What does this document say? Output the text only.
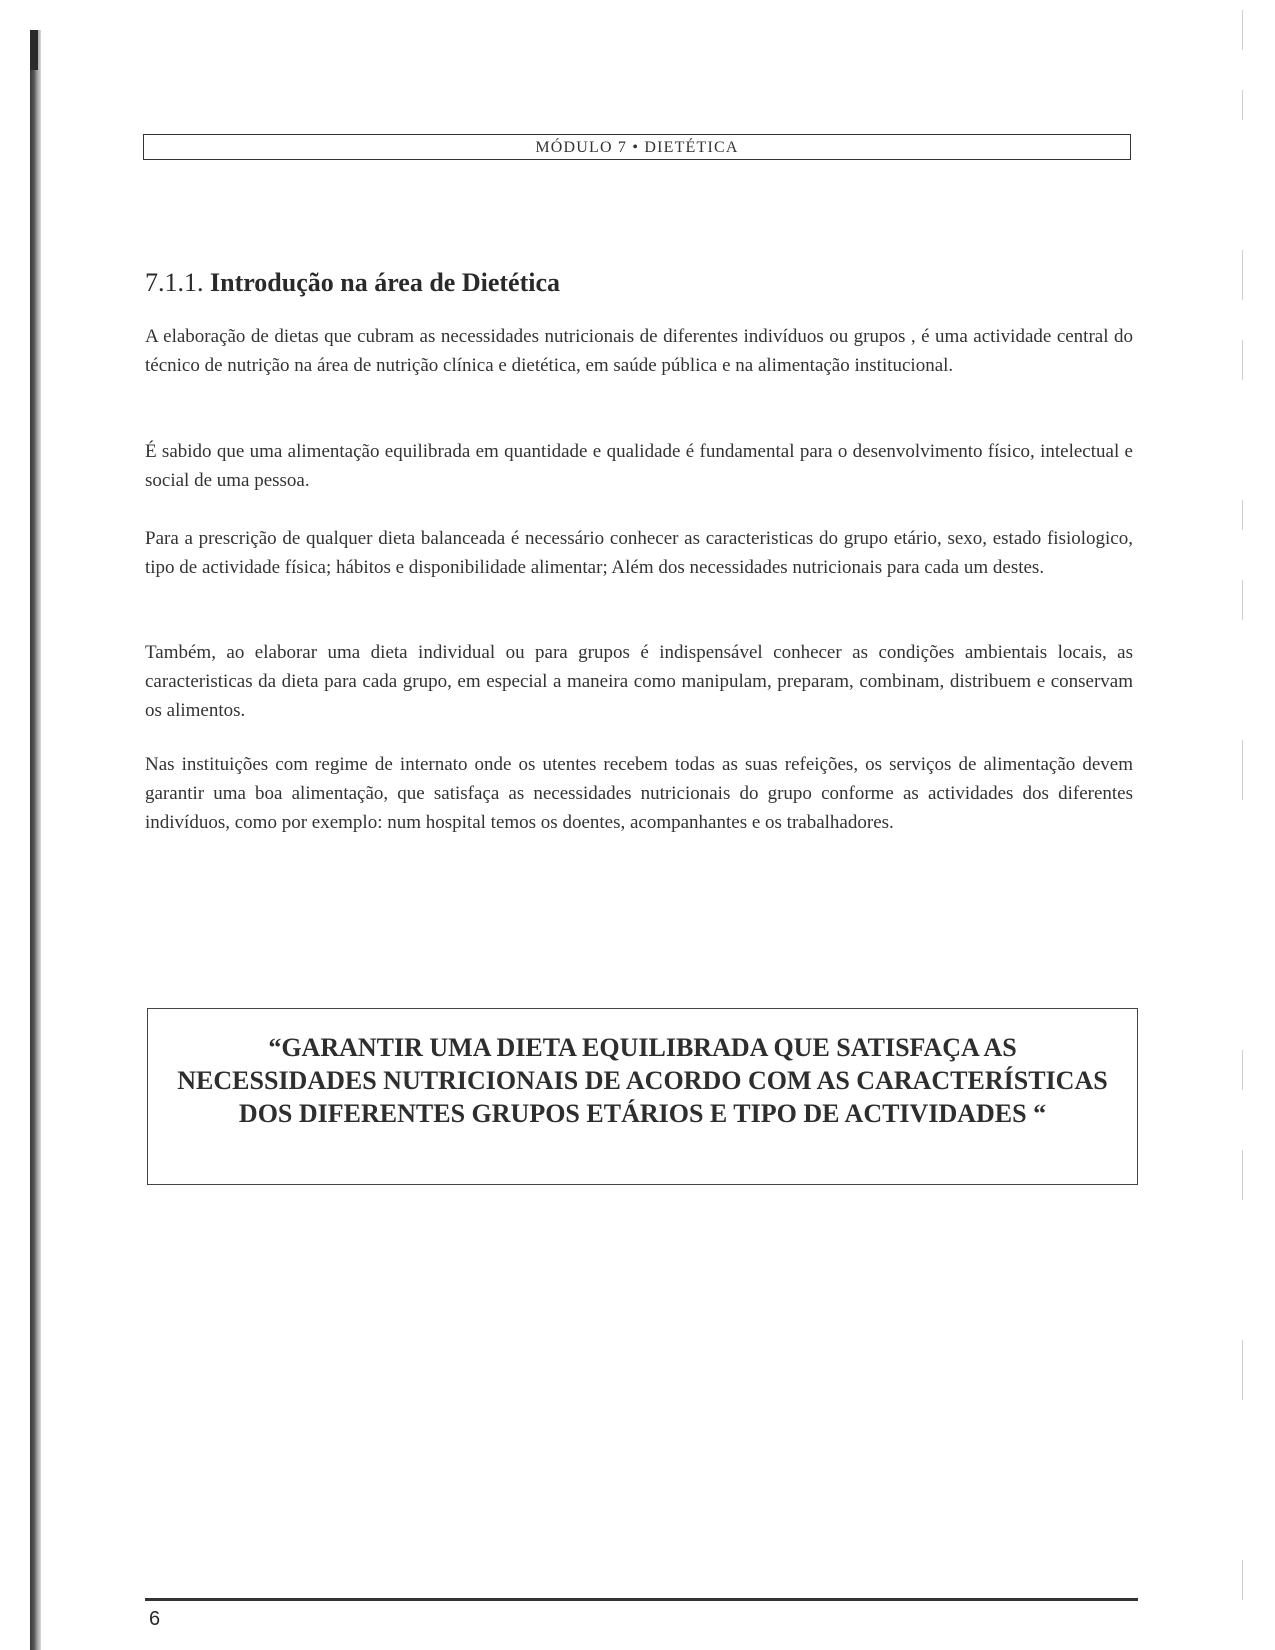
MÓDULO 7 • DIETÉTICA
7.1.1. Introdução na área de Dietética

A elaboração de dietas que cubram as necessidades nutricionais de diferentes indivíduos ou grupos , é uma actividade central do técnico de nutrição na área de nutrição clínica e dietética, em saúde pública e na alimentação institucional.

É sabido que uma alimentação equilibrada em quantidade e qualidade é fundamental para o desenvolvimento físico, intelectual e social de uma pessoa.

Para a prescrição de qualquer dieta balanceada é necessário conhecer as caracteristicas do grupo etário, sexo, estado fisiologico, tipo de actividade física; hábitos e disponibilidade alimentar; Além dos necessidades nutricionais para cada um destes.

Também, ao elaborar uma dieta individual ou para grupos é indispensável conhecer as condições ambientais locais, as caracteristicas da dieta para cada grupo, em especial a maneira como manipulam, preparam, combinam, distribuem e conservam os alimentos.

Nas instituições com regime de internato onde os utentes recebem todas as suas refeições, os serviços de alimentação devem garantir uma boa alimentação, que satisfaça as necessidades nutricionais do grupo conforme as actividades dos diferentes indivíduos, como por exemplo: num hospital temos os doentes, acompanhantes e os trabalhadores.

“GARANTIR UMA DIETA EQUILIBRADA QUE SATISFAÇA AS NECESSIDADES NUTRICIONAIS DE ACORDO COM AS CARACTERÍSTICAS DOS DIFERENTES GRUPOS ETÁRIOS E TIPO DE ACTIVIDADES “

6
